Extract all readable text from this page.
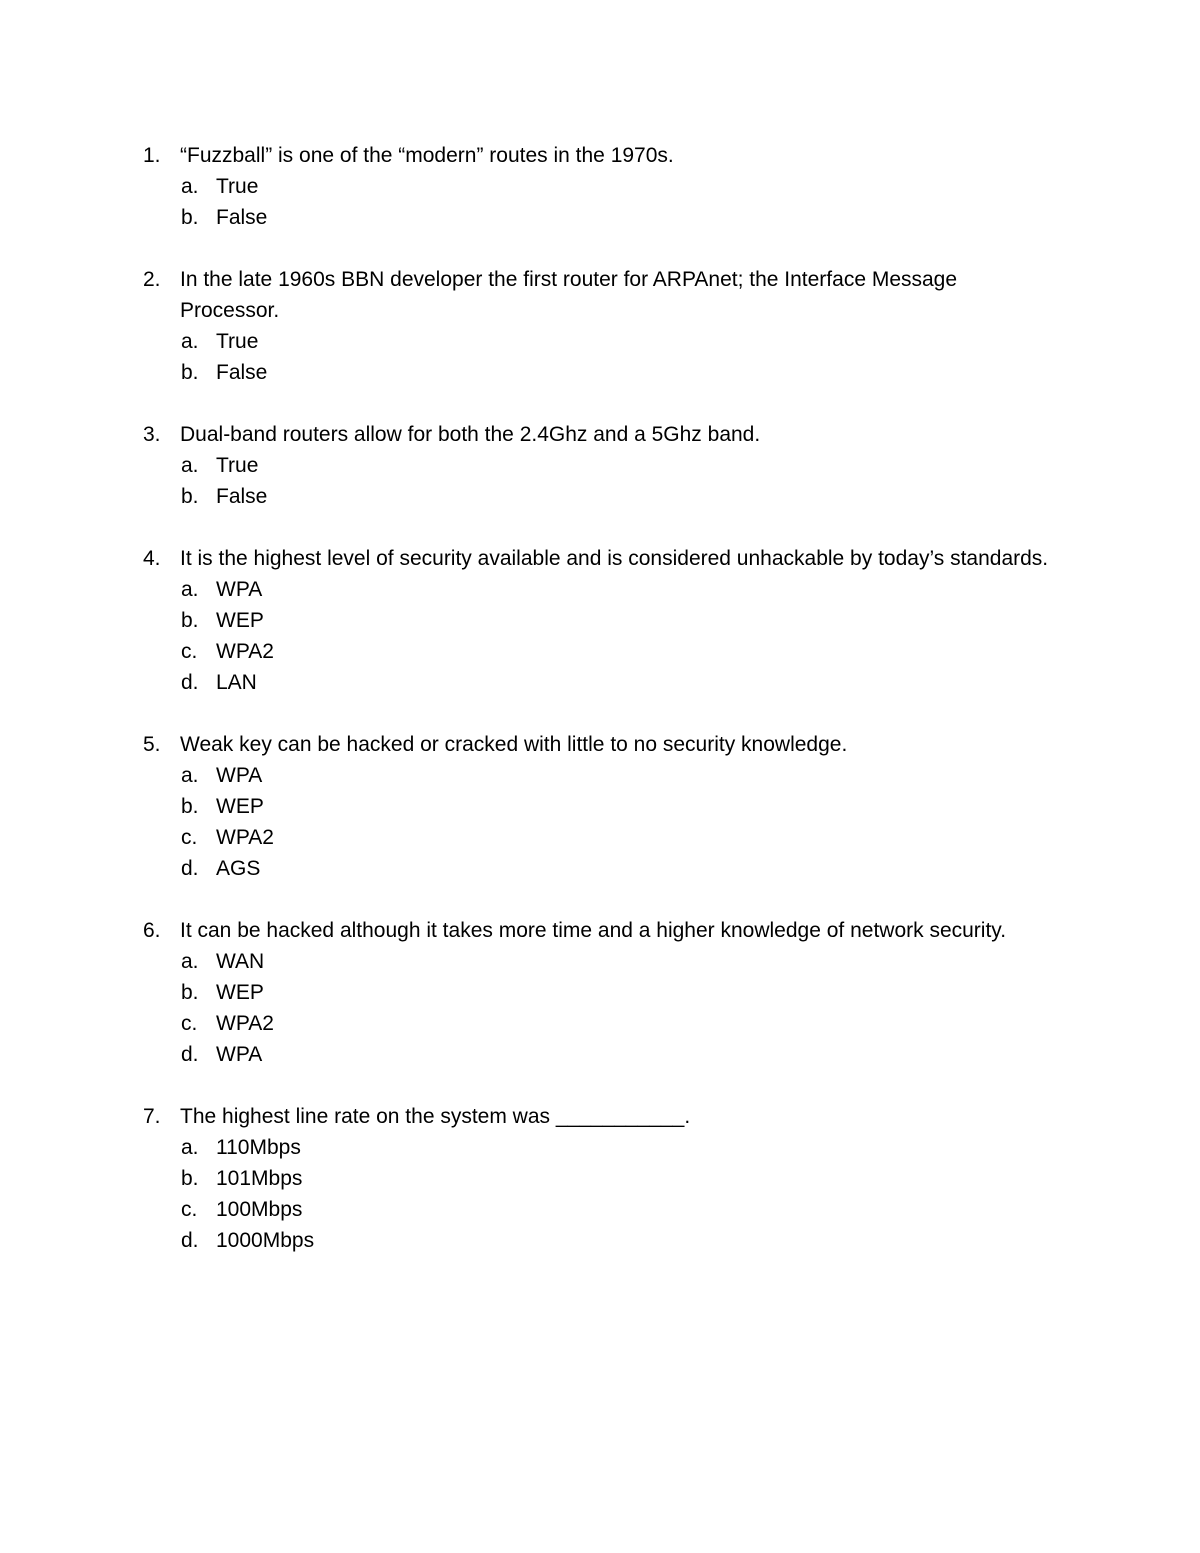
1. “Fuzzball” is one of the “modern” routes in the 1970s.
a. True
b. False
2. In the late 1960s BBN developer the first router for ARPAnet; the Interface Message Processor.
a. True
b. False
3. Dual-band routers allow for both the 2.4Ghz and a 5Ghz band.
a. True
b. False
4. It is the highest level of security available and is considered unhackable by today’s standards.
a. WPA
b. WEP
c. WPA2
d. LAN
5. Weak key can be hacked or cracked with little to no security knowledge.
a. WPA
b. WEP
c. WPA2
d. AGS
6. It can be hacked although it takes more time and a higher knowledge of network security.
a. WAN
b. WEP
c. WPA2
d. WPA
7. The highest line rate on the system was ___________.
a. 110Mbps
b. 101Mbps
c. 100Mbps
d. 1000Mbps
